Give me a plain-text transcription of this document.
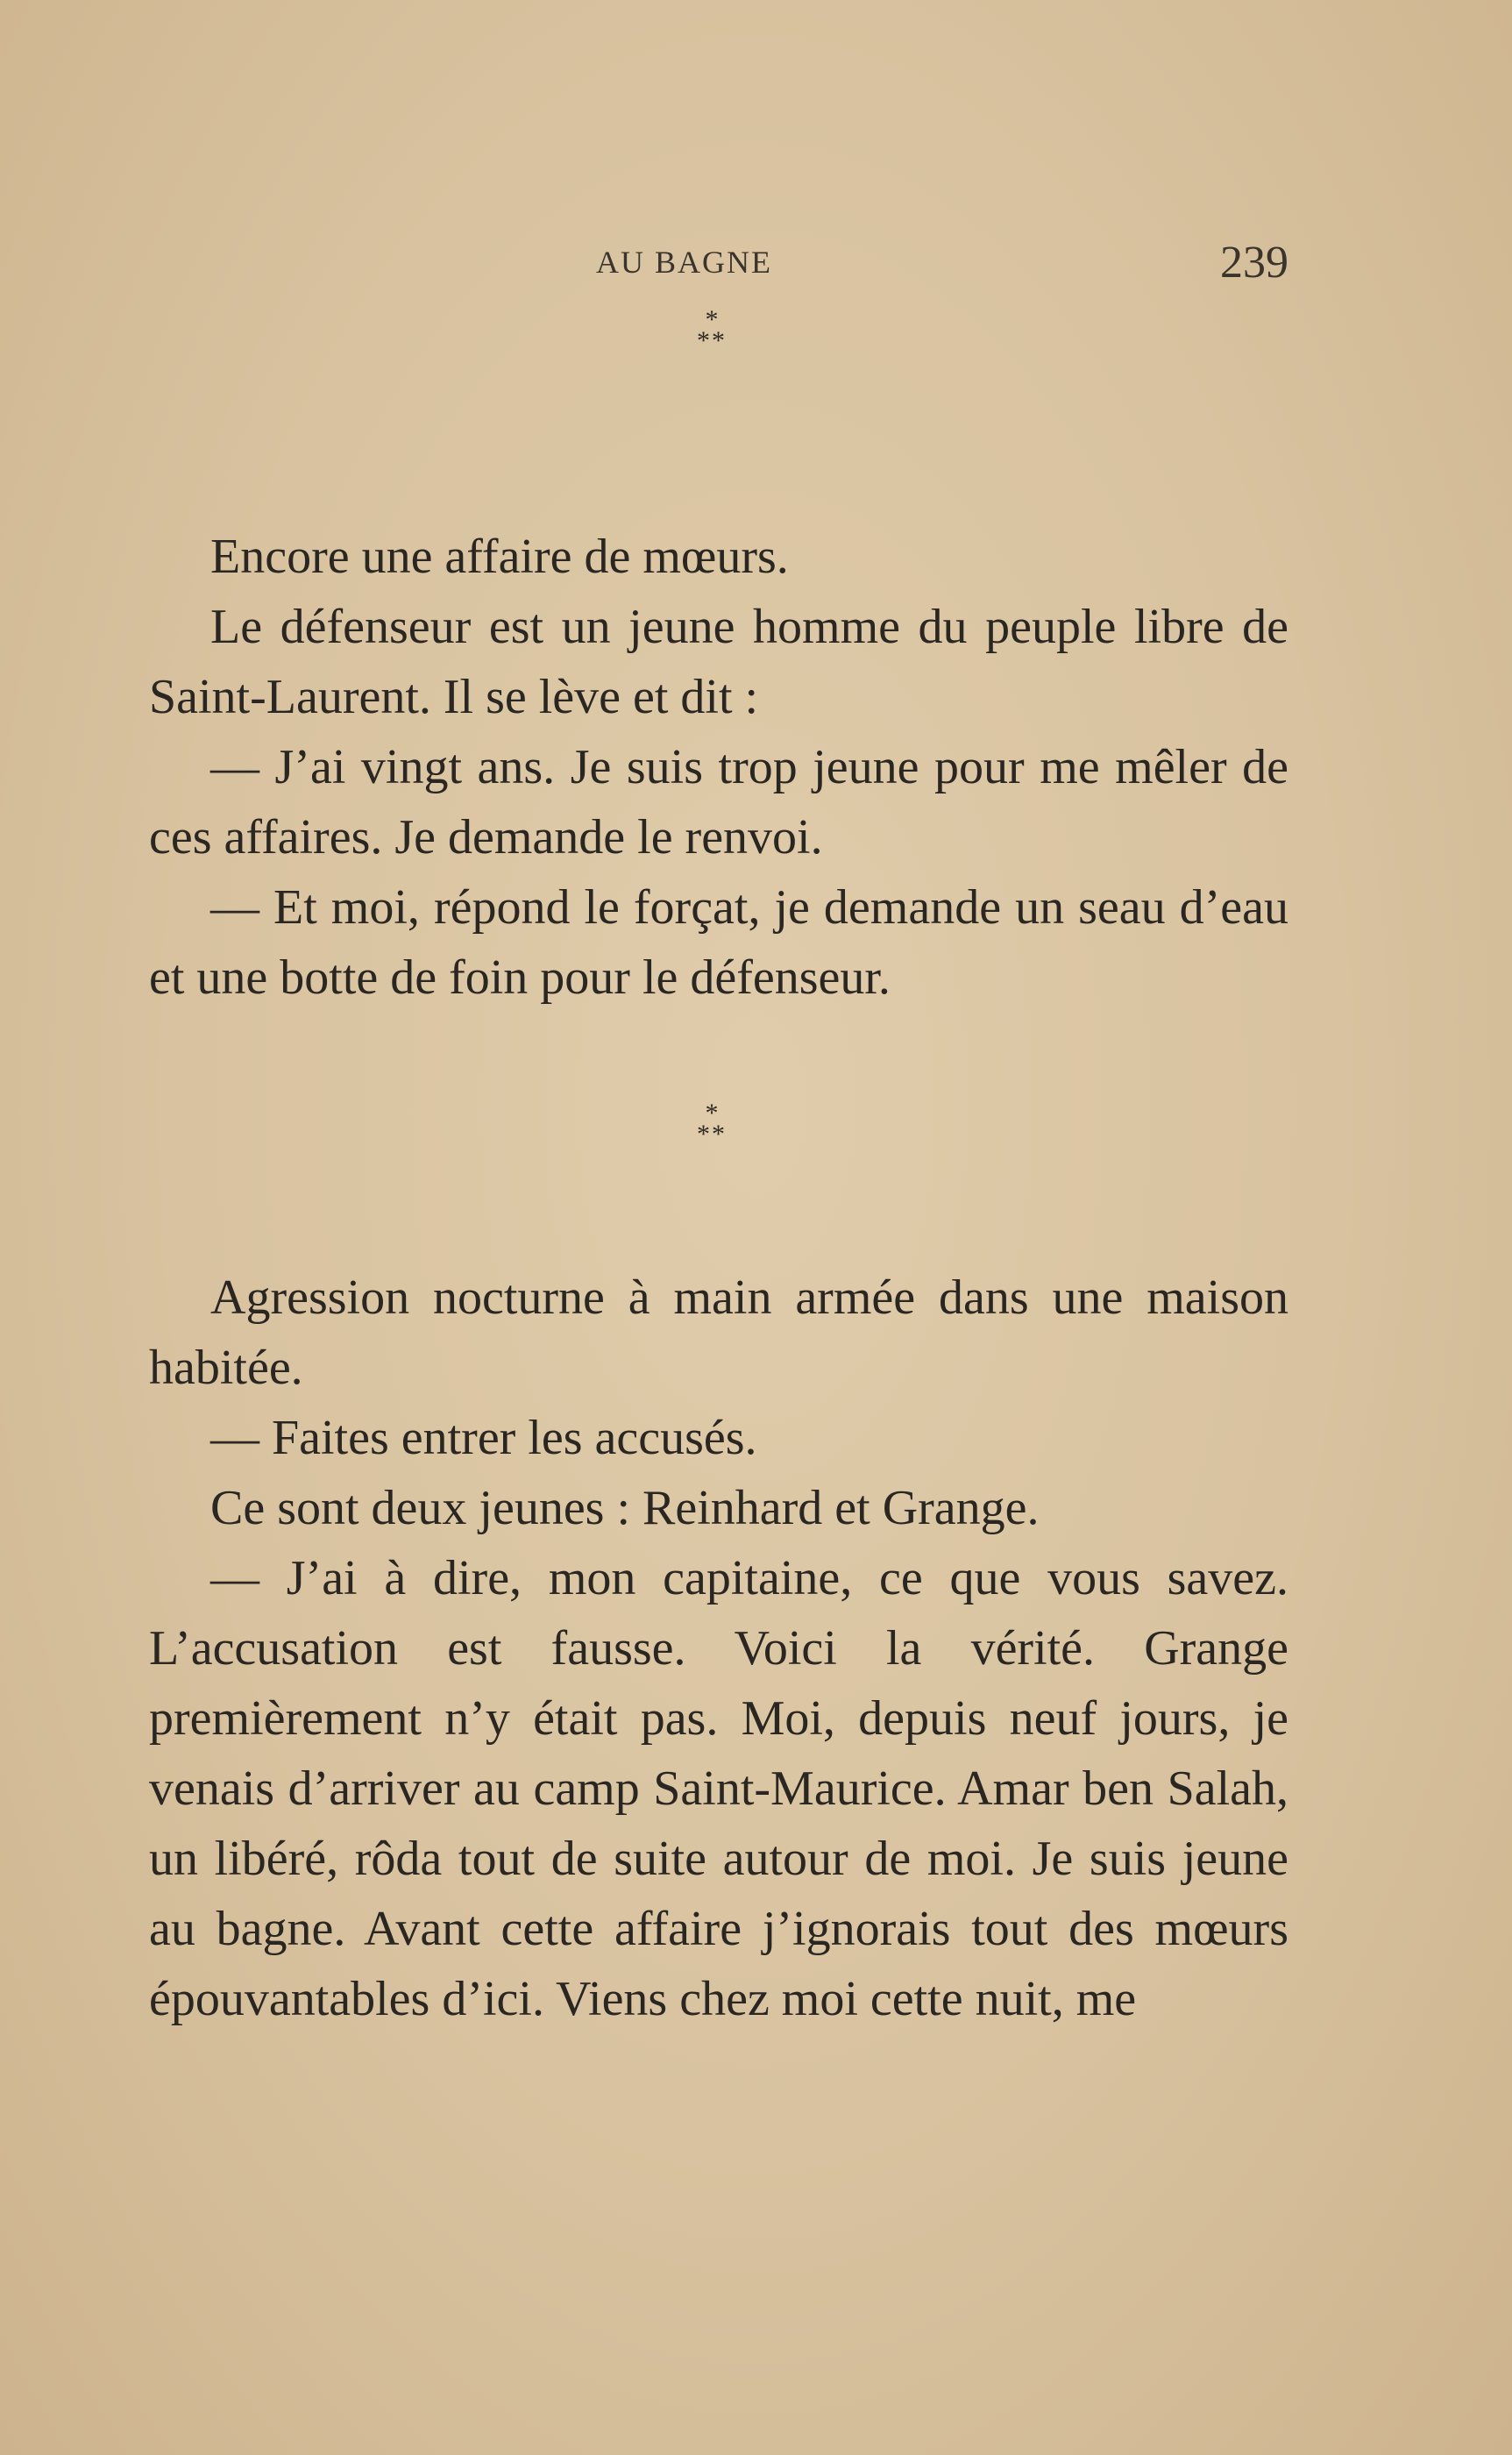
AU BAGNE	239
*
**

Encore une affaire de mœurs.

Le défenseur est un jeune homme du peuple libre de Saint-Laurent. Il se lève et dit :

— J’ai vingt ans. Je suis trop jeune pour me mêler de ces affaires. Je demande le renvoi.

— Et moi, répond le forçat, je demande un seau d’eau et une botte de foin pour le défenseur.

*
**

Agression nocturne à main armée dans une maison habitée.

— Faites entrer les accusés.

Ce sont deux jeunes : Reinhard et Grange.

— J’ai à dire, mon capitaine, ce que vous savez. L’accusation est fausse. Voici la vérité. Grange premièrement n’y était pas. Moi, depuis neuf jours, je venais d’arriver au camp Saint-Maurice. Amar ben Salah, un libéré, rôda tout de suite autour de moi. Je suis jeune au bagne. Avant cette affaire j’ignorais tout des mœurs épouvantables d’ici. Viens chez moi cette nuit, me
